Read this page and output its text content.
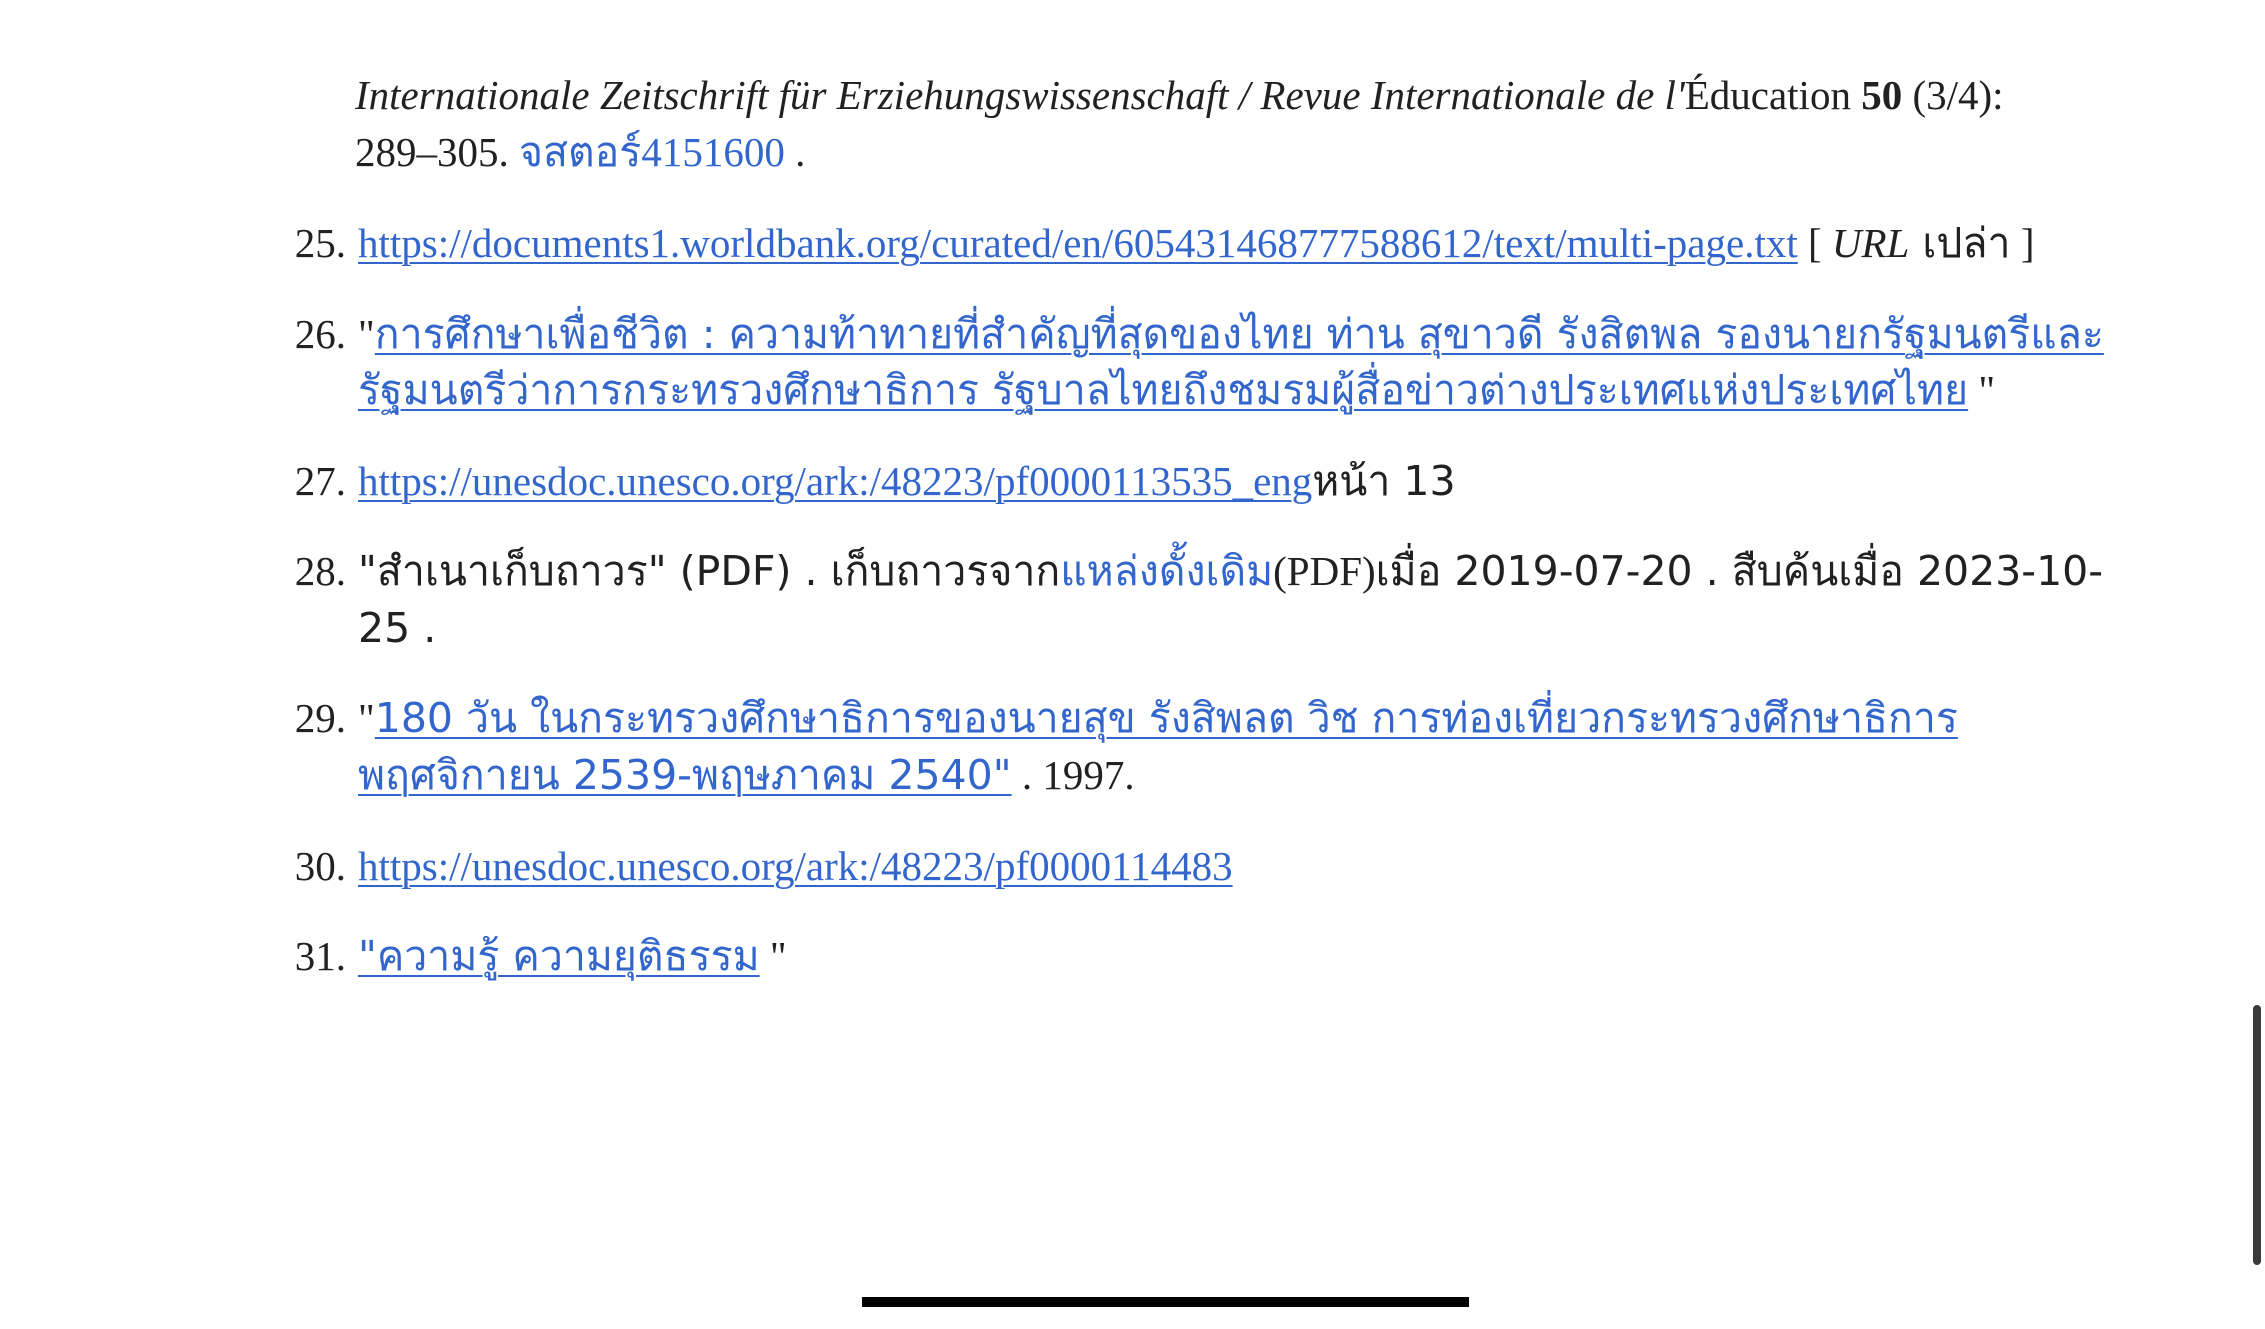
Internationale Zeitschrift für Erziehungswissenschaft / Revue Internationale de l'Éducation 50 (3/4): 289–305. จสตอร์4151600 .

25. https://documents1.worldbank.org/curated/en/605431468777588612/text/multi-page.txt [ URL เปล่า ]
26. "การศึกษาเพื่อชีวิต : ความท้าทายที่สำคัญที่สุดของไทย ท่าน สุขาวดี รังสิตพล รองนายกรัฐมนตรีและรัฐมนตรีว่าการกระทรวงศึกษาธิการ รัฐบาลไทยถึงชมรมผู้สื่อข่าวต่างประเทศแห่งประเทศไทย "
27. https://unesdoc.unesco.org/ark:/48223/pf0000113535_engหน้า 13
28. "สำเนาเก็บถาวร" (PDF) . เก็บถาวรจากแหล่งดั้งเดิม(PDF)เมื่อ 2019-07-20 . สืบค้นเมื่อ 2023-10-25 .
29. "180 วัน ในกระทรวงศึกษาธิการของนายสุข รังสิพลต วิช การท่องเที่ยวกระทรวงศึกษาธิการ พฤศจิกายน 2539-พฤษภาคม 2540" . 1997.
30. https://unesdoc.unesco.org/ark:/48223/pf0000114483
31. "ความรู้ ความยุติธรรม "
